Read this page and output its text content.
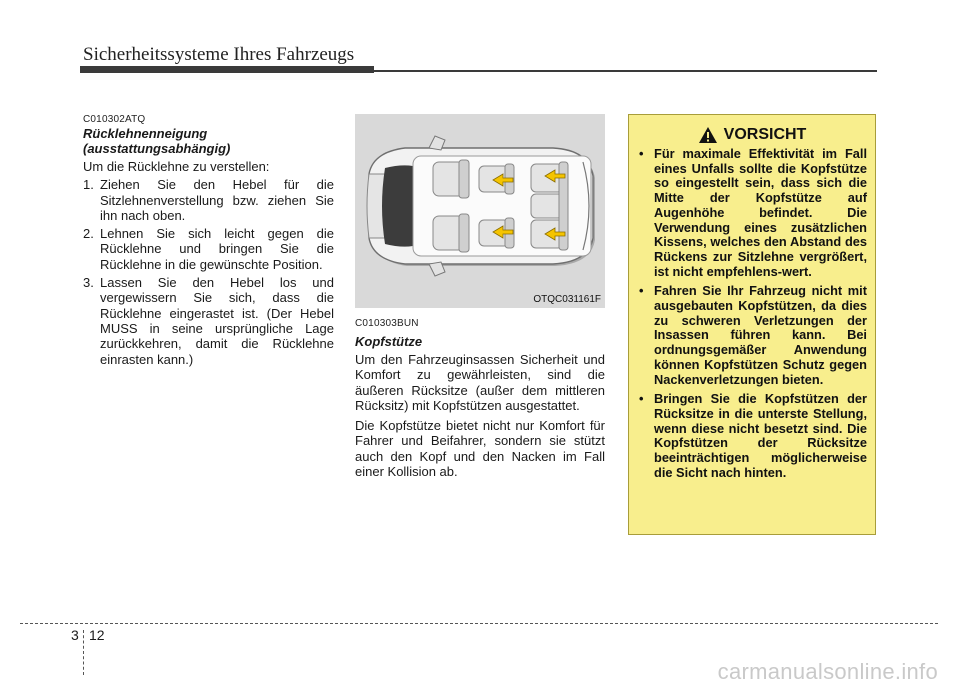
Sicherheitssysteme Ihres Fahrzeugs
C010302ATQ
Rücklehnenneigung
(ausstattungsabhängig)

Um die Rücklehne zu verstellen:

1. Ziehen Sie den Hebel für die Sitzlehnenverstellung bzw. ziehen Sie ihn nach oben.
2. Lehnen Sie sich leicht gegen die Rücklehne und bringen Sie die Rücklehne in die gewünschte Position.
3. Lassen Sie den Hebel los und vergewissern Sie sich, dass die Rücklehne eingerastet ist. (Der Hebel MUSS in seine ursprüngliche Lage zurückkehren, damit die Rücklehne einrasten kann.)
OTQC031161F
C010303BUN
Kopfstütze

Um den Fahrzeuginsassen Sicherheit und Komfort zu gewährleisten, sind die äußeren Rücksitze (außer dem mittleren Rücksitz) mit Kopfstützen ausgestattet.

Die Kopfstütze bietet nicht nur Komfort für Fahrer und Beifahrer, sondern sie stützt auch den Kopf und den Nacken im Fall einer Kollision ab.

VORSICHT
• Für maximale Effektivität im Fall eines Unfalls sollte die Kopfstütze so eingestellt sein, dass sich die Mitte der Kopfstütze auf Augenhöhe befindet. Die Verwendung eines zusätzlichen Kissens, welches den Abstand des Rückens zur Sitzlehne vergrößert, ist nicht empfehlens-wert.
• Fahren Sie Ihr Fahrzeug nicht mit ausgebauten Kopfstützen, da dies zu schweren Verletzungen der Insassen führen kann. Bei ordnungsgemäßer Anwendung können Kopfstützen Schutz gegen Nackenverletzungen bieten.
• Bringen Sie die Kopfstützen der Rücksitze in die unterste Stellung, wenn diese nicht besetzt sind. Die Kopfstützen der Rücksitze beeinträchtigen möglicherweise die Sicht nach hinten.
3 12
carmanualsonline.info
